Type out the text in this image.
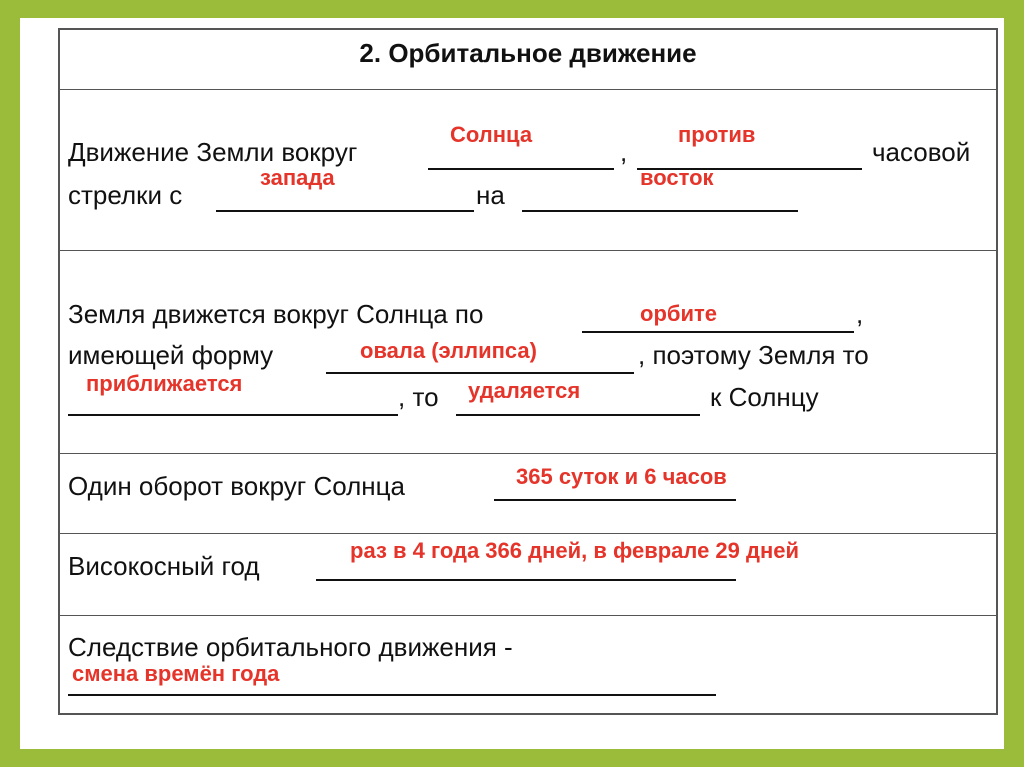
2. Орбитальное движение
Движение Земли вокруг	,	часовой
стрелки с	на
Солнца	против
запада	восток
Земля движется вокруг Солнца по	,
имеющей форму	, поэтому Земля то
, то	к Солнцу
орбите
овала (эллипса)
приближается	удаляется
Один оборот вокруг Солнца	365 суток и 6 часов
Високосный год
раз в 4 года 366 дней, в феврале 29 дней
Следствие орбитального движения -
смена времён года
